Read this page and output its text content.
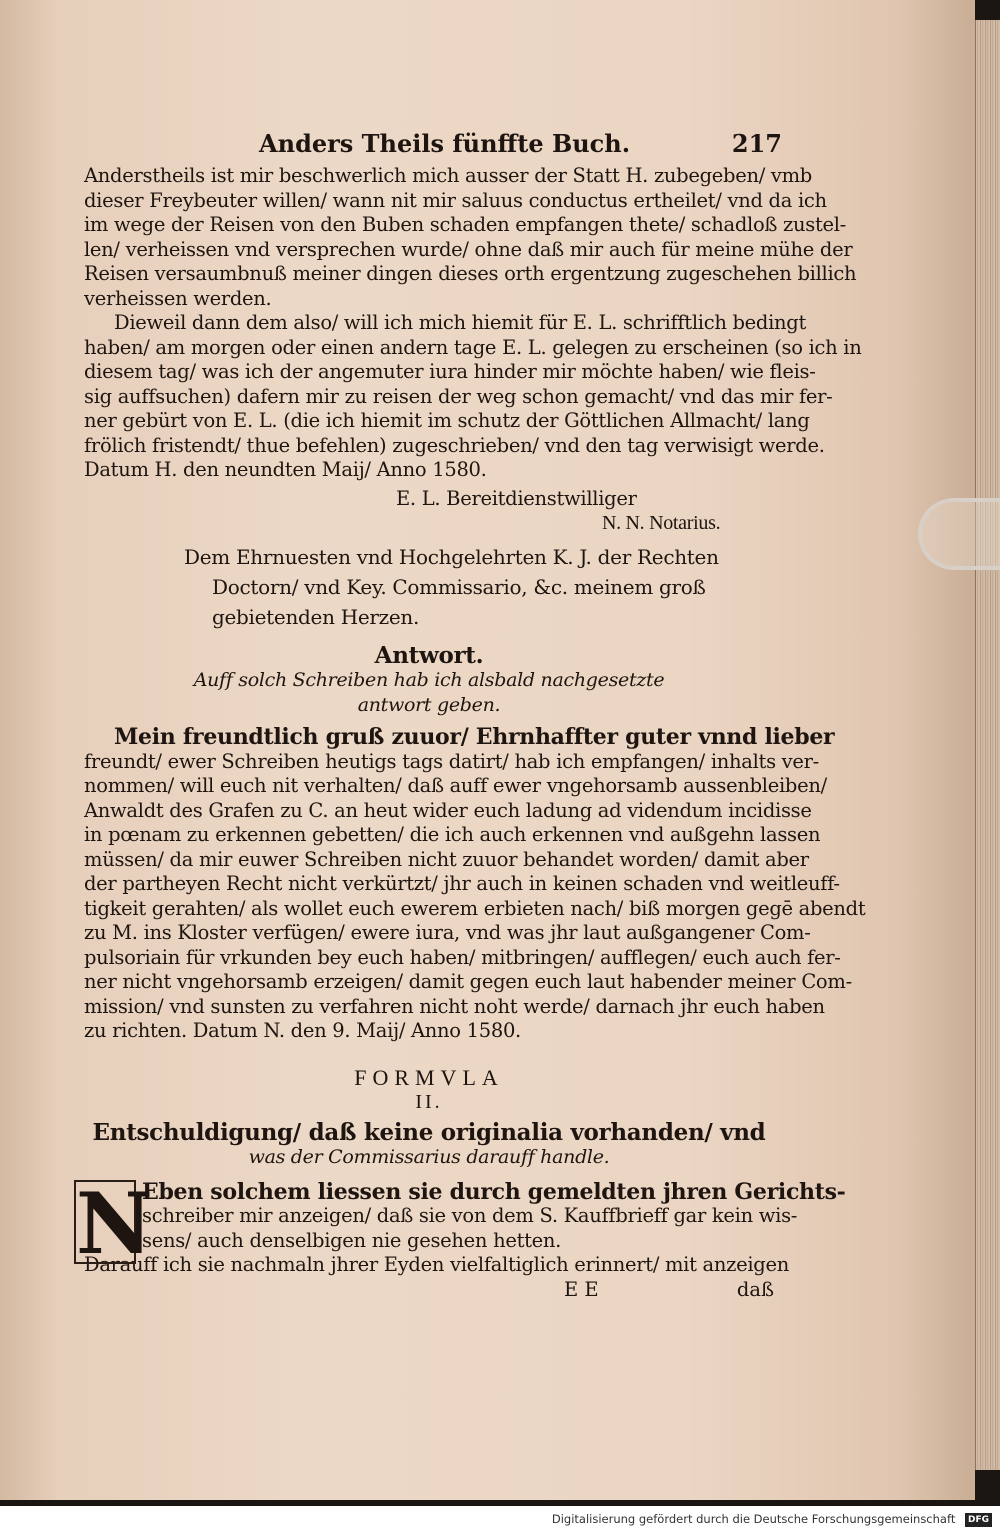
Anders Theils fünffte Buch.	217
Anderstheils ist mir beschwerlich mich ausser der Statt H. zubegeben/ vmb
dieser Freybeuter willen/ wann nit mir saluus conductus ertheilet/ vnd da ich
im wege der Reisen von den Buben schaden empfangen thete/ schadloß zustel-
len/ verheissen vnd versprechen wurde/ ohne daß mir auch für meine mühe der
Reisen versaumbnuß meiner dingen dieses orth ergentzung zugeschehen billich
verheissen werden.
Dieweil dann dem also/ will ich mich hiemit für E. L. schrifftlich bedingt
haben/ am morgen oder einen andern tage E. L. gelegen zu erscheinen (so ich in
diesem tag/ was ich der angemuter iura hinder mir möchte haben/ wie fleis-
sig auffsuchen) dafern mir zu reisen der weg schon gemacht/ vnd das mir fer-
ner gebürt von E. L. (die ich hiemit im schutz der Göttlichen Allmacht/ lang
frölich fristendt/ thue befehlen) zugeschrieben/ vnd den tag verwisigt werde.
Datum H. den neundten Maij/ Anno 1580.
E. L. Bereitdienstwilliger
N. N. Notarius.
Dem Ehrnuesten vnd Hochgelehrten K. J. der Rechten
Doctorn/ vnd Key. Commissario, &c. meinem groß
gebietenden Herzen.
Antwort.
Auff solch Schreiben hab ich alsbald nachgesetzte
antwort geben.
Mein freundtlich gruß zuuor/ Ehrnhaffter guter vnnd lieber
freundt/ ewer Schreiben heutigs tags datirt/ hab ich empfangen/ inhalts ver-
nommen/ will euch nit verhalten/ daß auff ewer vngehorsamb aussenbleiben/
Anwaldt des Grafen zu C. an heut wider euch ladung ad videndum incidisse
in pœnam zu erkennen gebetten/ die ich auch erkennen vnd außgehn lassen
müssen/ da mir euwer Schreiben nicht zuuor behandet worden/ damit aber
der partheyen Recht nicht verkürtzt/ jhr auch in keinen schaden vnd weitleuff-
tigkeit gerahten/ als wollet euch ewerem erbieten nach/ biß morgen gegē abendt
zu M. ins Kloster verfügen/ ewere iura, vnd was jhr laut außgangener Com-
pulsoriain für vrkunden bey euch haben/ mitbringen/ aufflegen/ euch auch fer-
ner nicht vngehorsamb erzeigen/ damit gegen euch laut habender meiner Com-
mission/ vnd sunsten zu verfahren nicht noht werde/ darnach jhr euch haben
zu richten. Datum N. den 9. Maij/ Anno 1580.
FORMVLA
II.
Entschuldigung/ daß keine originalia vorhanden/ vnd
was der Commissarius darauff handle.
N
Eben solchem liessen sie durch gemeldten jhren Gerichts-
schreiber mir anzeigen/ daß sie von dem S. Kauffbrieff gar kein wis-
sens/ auch denselbigen nie gesehen hetten.
Darauff ich sie nachmaln jhrer Eyden vielfaltiglich erinnert/ mit anzeigen
E E	daß
Digitalisierung gefördert durch die Deutsche Forschungsgemeinschaft DFG
